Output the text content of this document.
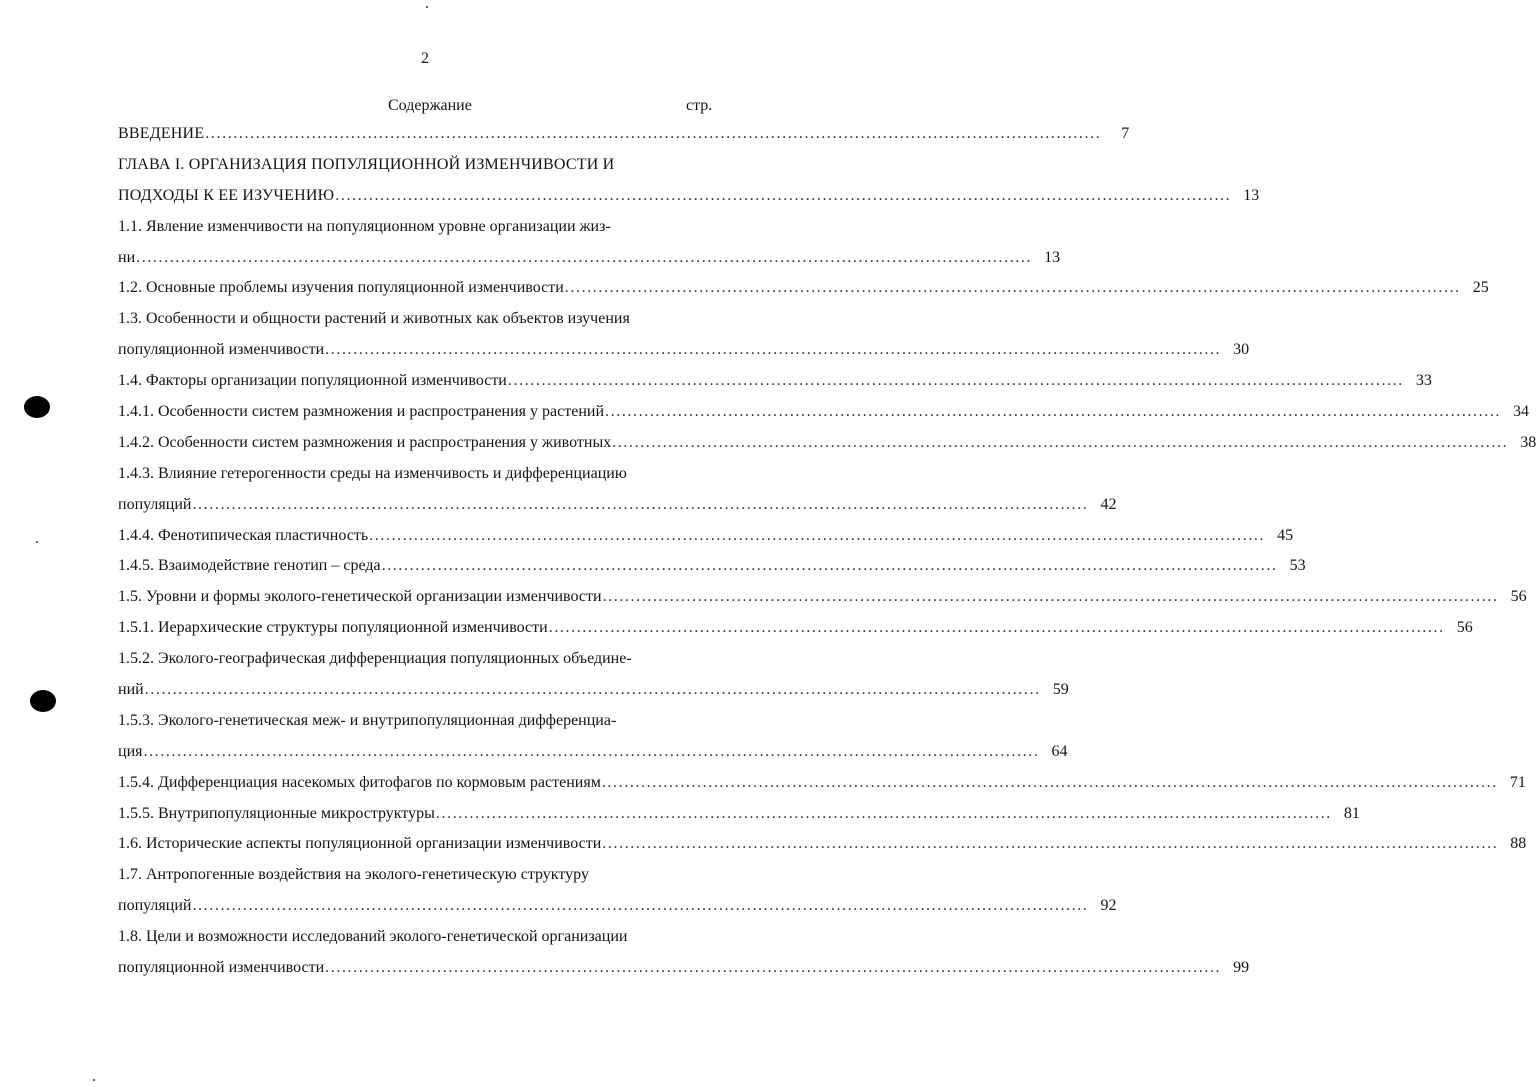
2
Содержание	стр.
ВВЕДЕНИЕ ................................................................................................................................................................	7
ГЛАВА I. ОРГАНИЗАЦИЯ ПОПУЛЯЦИОННОЙ ИЗМЕНЧИВОСТИ И
ПОДХОДЫ К ЕЕ ИЗУЧЕНИЮ ................................................................................................................................................................ 13
1.1. Явление изменчивости на популяционном уровне организации жиз-
ни ................................................................................................................................................................ 13
1.2. Основные проблемы изучения популяционной изменчивости ................................................................................................................................................................ 25
1.3. Особенности и общности растений и животных как объектов изучения
популяционной изменчивости ................................................................................................................................................................ 30
1.4. Факторы организации популяционной изменчивости ................................................................................................................................................................ 33
1.4.1. Особенности систем размножения и распространения у растений ................................................................................................................................................................ 34
1.4.2. Особенности систем размножения и распространения у животных ................................................................................................................................................................ 38
1.4.3. Влияние гетерогенности среды на изменчивость и дифференциацию
популяций ................................................................................................................................................................ 42
1.4.4. Фенотипическая пластичность ................................................................................................................................................................ 45
1.4.5. Взаимодействие генотип – среда ................................................................................................................................................................ 53
1.5. Уровни и формы эколого-генетической организации изменчивости ................................................................................................................................................................ 56
1.5.1. Иерархические структуры популяционной изменчивости ................................................................................................................................................................ 56
1.5.2. Эколого-географическая дифференциация популяционных объедине-
ний ................................................................................................................................................................ 59
1.5.3. Эколого-генетическая меж- и внутрипопуляционная дифференциа-
ция ................................................................................................................................................................ 64
1.5.4. Дифференциация насекомых фитофагов по кормовым растениям ................................................................................................................................................................ 71
1.5.5. Внутрипопуляционные микроструктуры ................................................................................................................................................................ 81
1.6. Исторические аспекты популяционной организации изменчивости ................................................................................................................................................................ 88
1.7. Антропогенные воздействия на эколого-генетическую структуру
популяций ................................................................................................................................................................ 92
1.8. Цели и возможности исследований эколого-генетической организации
популяционной изменчивости ................................................................................................................................................................ 99
